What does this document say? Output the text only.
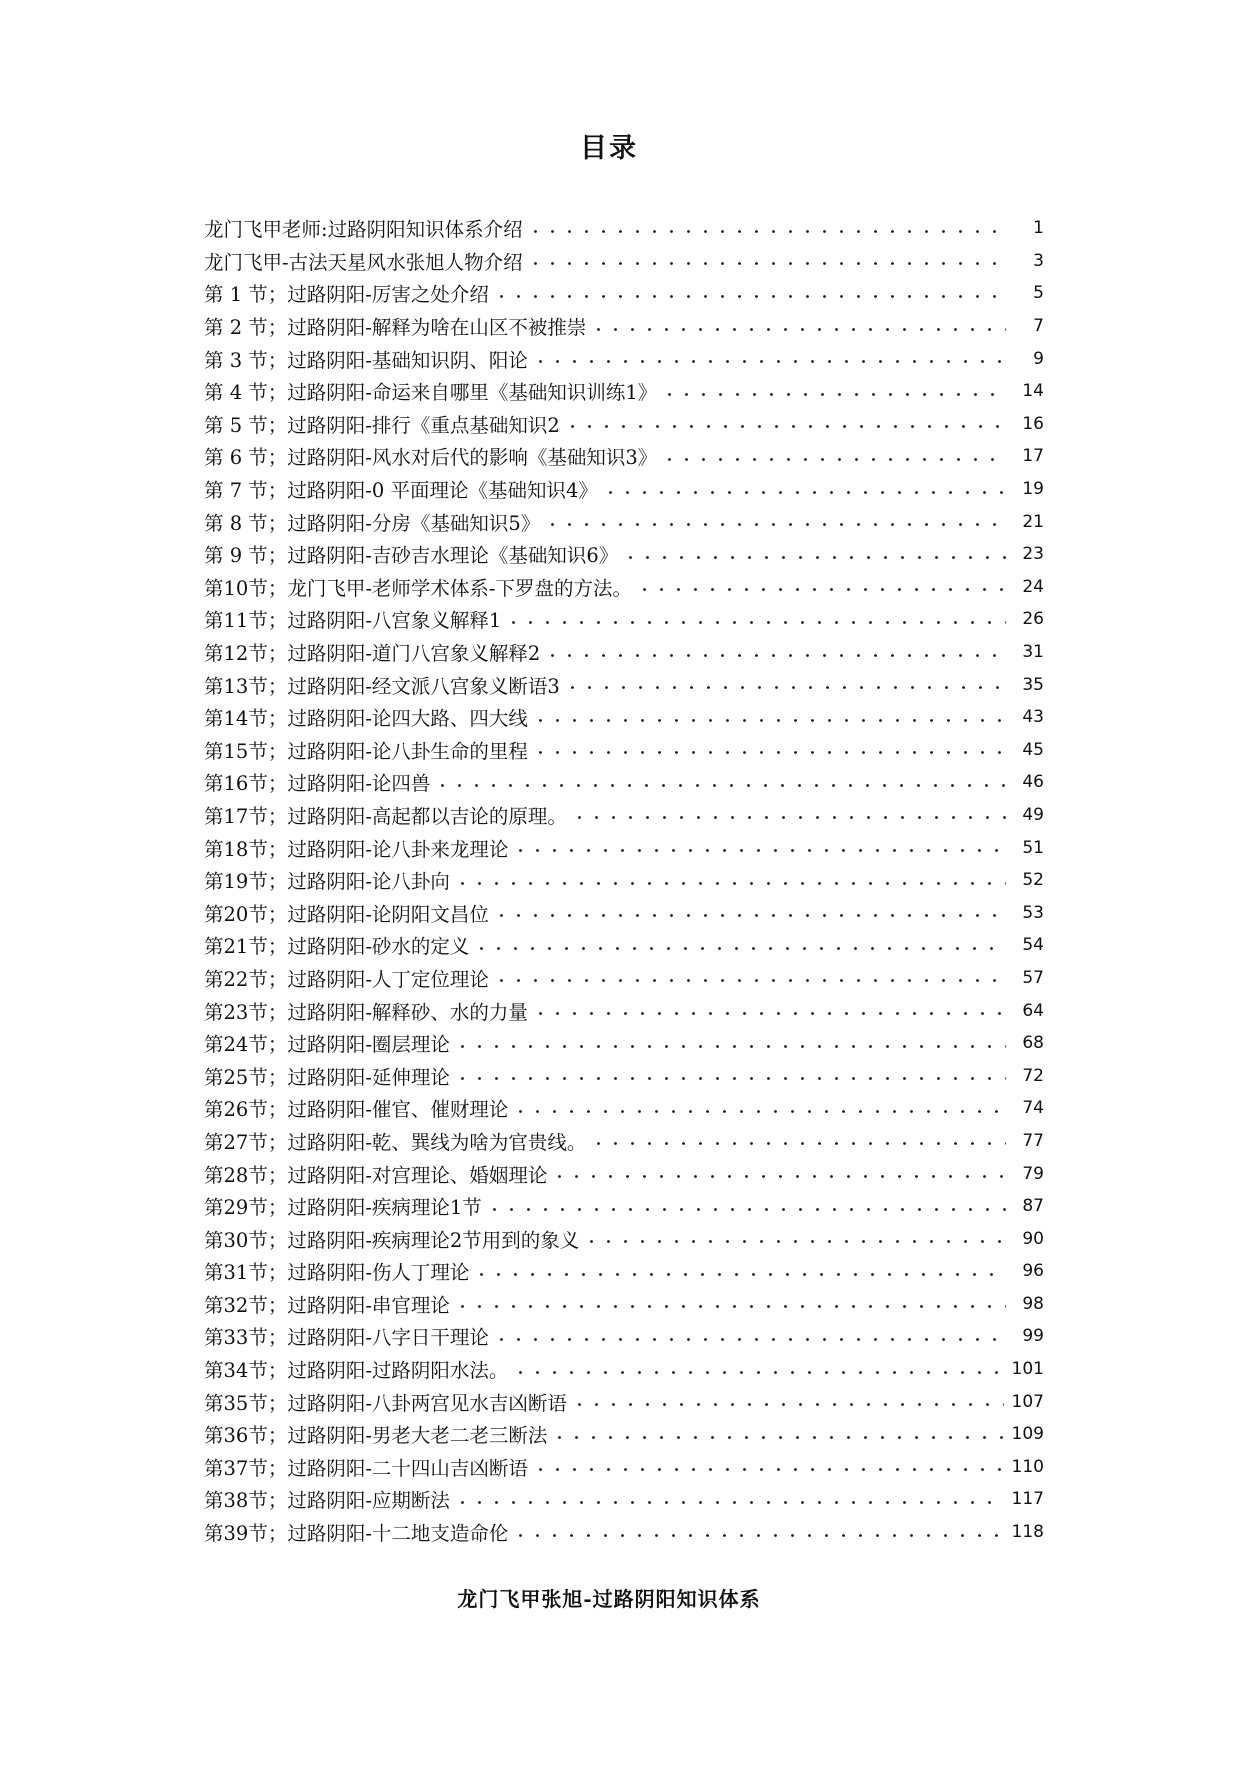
目录
龙门飞甲老师:过路阴阳知识体系介绍	1
龙门飞甲-古法天星风水张旭人物介绍	3
第 1 节；过路阴阳-厉害之处介绍	5
第 2 节；过路阴阳-解释为啥在山区不被推崇	7
第 3 节；过路阴阳-基础知识阴、阳论	9
第 4 节；过路阴阳-命运来自哪里《基础知识训练1》	14
第 5 节；过路阴阳-排行《重点基础知识2	16
第 6 节；过路阴阳-风水对后代的影响《基础知识3》	17
第 7 节；过路阴阳-0 平面理论《基础知识4》	19
第 8 节；过路阴阳-分房《基础知识5》	21
第 9 节；过路阴阳-吉砂吉水理论《基础知识6》	23
第10节；龙门飞甲-老师学术体系-下罗盘的方法。	24
第11节；过路阴阳-八宫象义解释1	26
第12节；过路阴阳-道门八宫象义解释2	31
第13节；过路阴阳-经文派八宫象义断语3	35
第14节；过路阴阳-论四大路、四大线	43
第15节；过路阴阳-论八卦生命的里程	45
第16节；过路阴阳-论四兽	46
第17节；过路阴阳-高起都以吉论的原理。	49
第18节；过路阴阳-论八卦来龙理论	51
第19节；过路阴阳-论八卦向	52
第20节；过路阴阳-论阴阳文昌位	53
第21节；过路阴阳-砂水的定义	54
第22节；过路阴阳-人丁定位理论	57
第23节；过路阴阳-解释砂、水的力量	64
第24节；过路阴阳-圈层理论	68
第25节；过路阴阳-延伸理论	72
第26节；过路阴阳-催官、催财理论	74
第27节；过路阴阳-乾、巽线为啥为官贵线。	77
第28节；过路阴阳-对宫理论、婚姻理论	79
第29节；过路阴阳-疾病理论1节	87
第30节；过路阴阳-疾病理论2节用到的象义	90
第31节；过路阴阳-伤人丁理论	96
第32节；过路阴阳-串官理论	98
第33节；过路阴阳-八字日干理论	99
第34节；过路阴阳-过路阴阳水法。	101
第35节；过路阴阳-八卦两宫见水吉凶断语	107
第36节；过路阴阳-男老大老二老三断法	109
第37节；过路阴阳-二十四山吉凶断语	110
第38节；过路阴阳-应期断法	117
第39节；过路阴阳-十二地支造命伦	118
龙门飞甲张旭-过路阴阳知识体系
